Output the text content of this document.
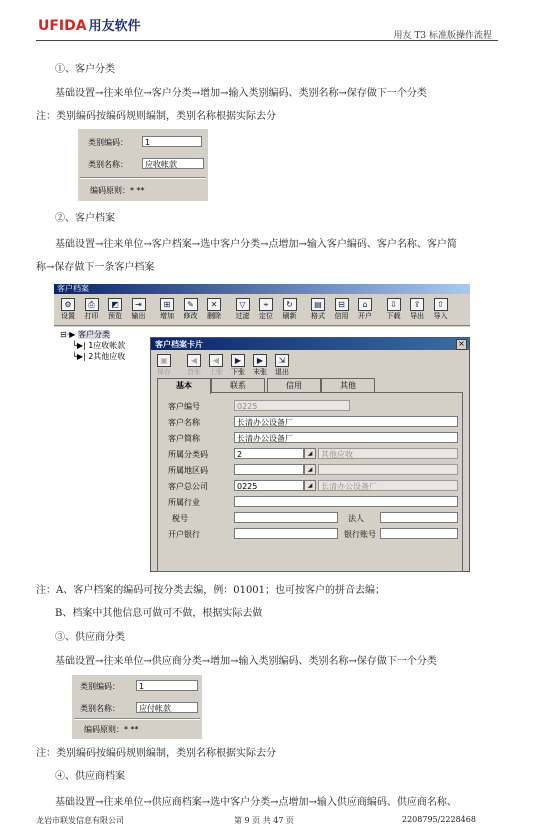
UFIDA 用友软件
用友 T3 标准版操作流程
①、客户分类
基础设置→往来单位→客户分类→增加→输入类别编码、类别名称→保存做下一个分类
注：类别编码按编码规则编制，类别名称根据实际去分
类别编码：	1
类别名称：	应收帐款
编码原则：* **
②、客户档案
基础设置→往来单位→客户档案→选中客户分类→点增加→输入客户编码、客户名称、客户简
称→保存做下一条客户档案
客户档案
⚙
设置
⎙
打印
◩
预览
⇥
输出
⊞
增加
✎
修改
✕
删除
▽
过滤
⌖
定位
↻
刷新
▤
格式
⊟
信用
⌂
开户
⇩
下载
⇪
导出
⇧
导入
⊟·▶ 客户分类
└▶| 1应收帐款
└▶| 2其他应收
客户档案卡片	×
▣
保存
◀
首张
◀
上张
▶
下张
▶
末张
⇲
退出
基本	联系	信用	其他
客户编号	0225
客户名称	长清办公设备厂
客户简称	长清办公设备厂
所属分类码	2	◢	其他应收
所属地区码	◢
客户总公司	0225	◢	长清办公设备厂
所属行业
税号	法人
开户银行	银行账号
注：A、客户档案的编码可按分类去编，例：01001；也可按客户的拼音去编；
B、档案中其他信息可做可不做，根据实际去做
③、供应商分类
基础设置→往来单位→供应商分类→增加→输入类别编码、类别名称→保存做下一个分类
类别编码：	1
类别名称：	应付帐款
编码原则：* **
注：类别编码按编码规则编制，类别名称根据实际去分
④、供应商档案
基础设置→往来单位→供应商档案→选中客户分类→点增加→输入供应商编码、供应商名称、
龙岩市联发信息有限公司	第 9 页 共 47 页	2208795/2228468
